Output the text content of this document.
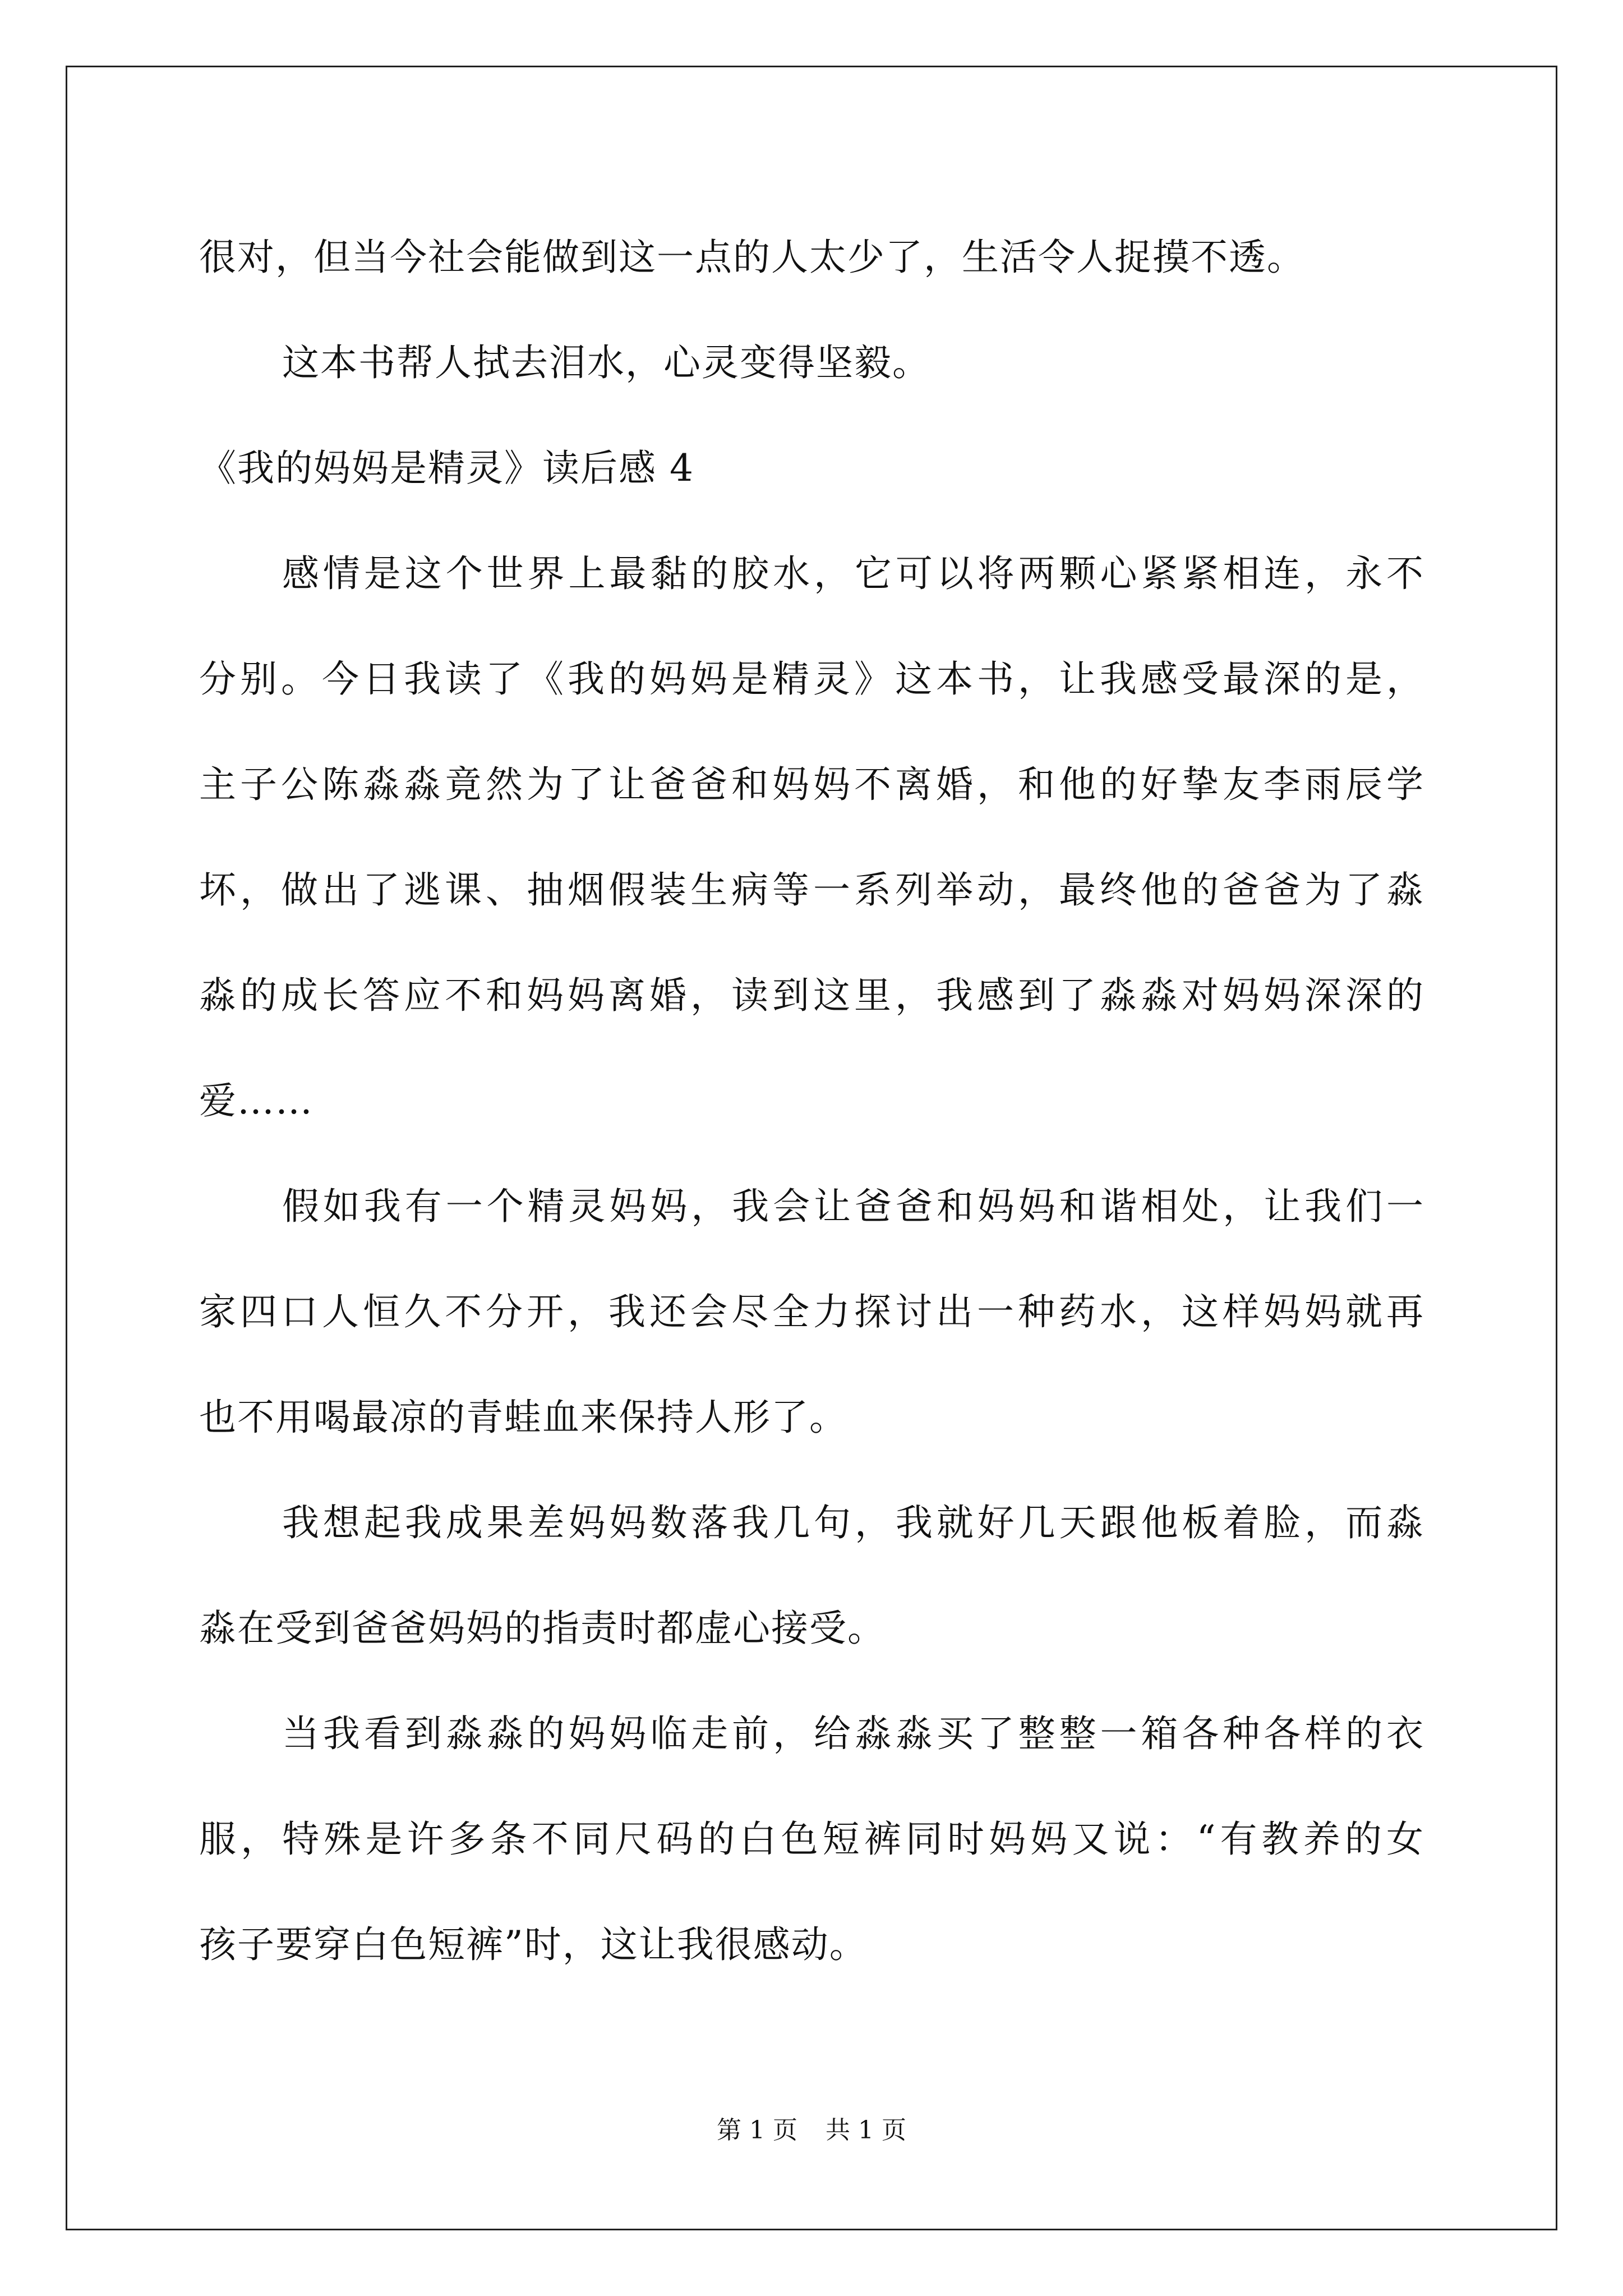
很对，但当今社会能做到这一点的人太少了，生活令人捉摸不透。
这本书帮人拭去泪水，心灵变得坚毅。
《我的妈妈是精灵》读后感 4
感情是这个世界上最黏的胶水，它可以将两颗心紧紧相连，永不
分别。今日我读了《我的妈妈是精灵》这本书，让我感受最深的是，
主子公陈淼淼竟然为了让爸爸和妈妈不离婚，和他的好挚友李雨辰学
坏，做出了逃课、抽烟假装生病等一系列举动，最终他的爸爸为了淼
淼的成长答应不和妈妈离婚，读到这里，我感到了淼淼对妈妈深深的
爱……
假如我有一个精灵妈妈，我会让爸爸和妈妈和谐相处，让我们一
家四口人恒久不分开，我还会尽全力探讨出一种药水，这样妈妈就再
也不用喝最凉的青蛙血来保持人形了。
我想起我成果差妈妈数落我几句，我就好几天跟他板着脸，而淼
淼在受到爸爸妈妈的指责时都虚心接受。
当我看到淼淼的妈妈临走前，给淼淼买了整整一箱各种各样的衣
服，特殊是许多条不同尺码的白色短裤同时妈妈又说：“有教养的女
孩子要穿白色短裤”时，这让我很感动。
第 1 页 共 1 页
